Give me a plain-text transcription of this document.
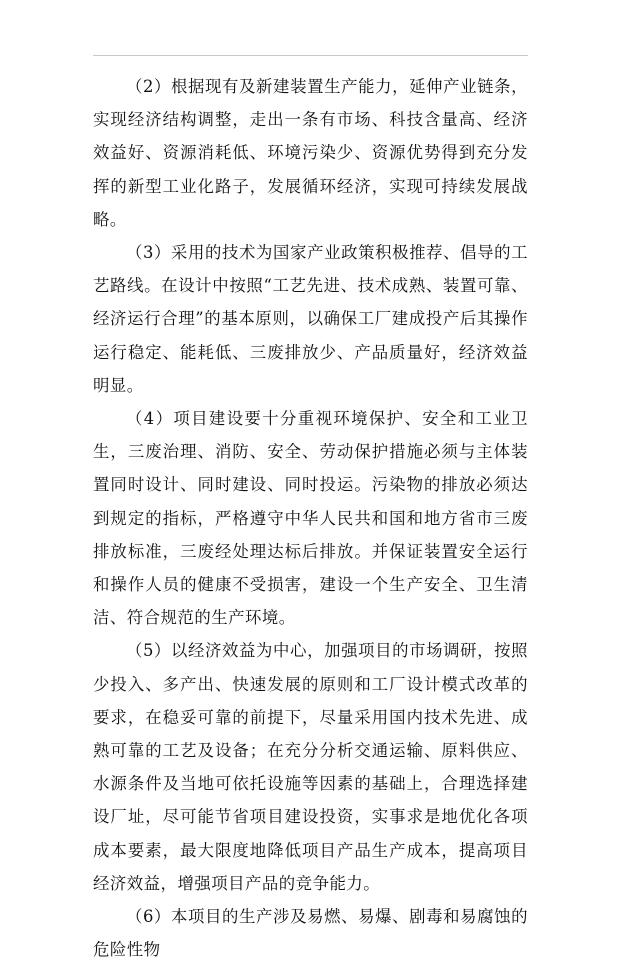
（2）根据现有及新建装置生产能力，延伸产业链条，实现经济结构调整，走出一条有市场、科技含量高、经济效益好、资源消耗低、环境污染少、资源优势得到充分发挥的新型工业化路子，发展循环经济，实现可持续发展战略。

（3）采用的技术为国家产业政策积极推荐、倡导的工艺路线。在设计中按照“工艺先进、技术成熟、装置可靠、经济运行合理”的基本原则，以确保工厂建成投产后其操作运行稳定、能耗低、三废排放少、产品质量好，经济效益明显。

（4）项目建设要十分重视环境保护、安全和工业卫生，三废治理、消防、安全、劳动保护措施必须与主体装置同时设计、同时建设、同时投运。污染物的排放必须达到规定的指标，严格遵守中华人民共和国和地方省市三废排放标准，三废经处理达标后排放。并保证装置安全运行和操作人员的健康不受损害，建设一个生产安全、卫生清洁、符合规范的生产环境。

（5）以经济效益为中心，加强项目的市场调研，按照少投入、多产出、快速发展的原则和工厂设计模式改革的要求，在稳妥可靠的前提下，尽量采用国内技术先进、成熟可靠的工艺及设备；在充分分析交通运输、原料供应、水源条件及当地可依托设施等因素的基础上，合理选择建设厂址，尽可能节省项目建设投资，实事求是地优化各项成本要素，最大限度地降低项目产品生产成本，提高项目经济效益，增强项目产品的竞争能力。

（6）本项目的生产涉及易燃、易爆、剧毒和易腐蚀的危险性物
